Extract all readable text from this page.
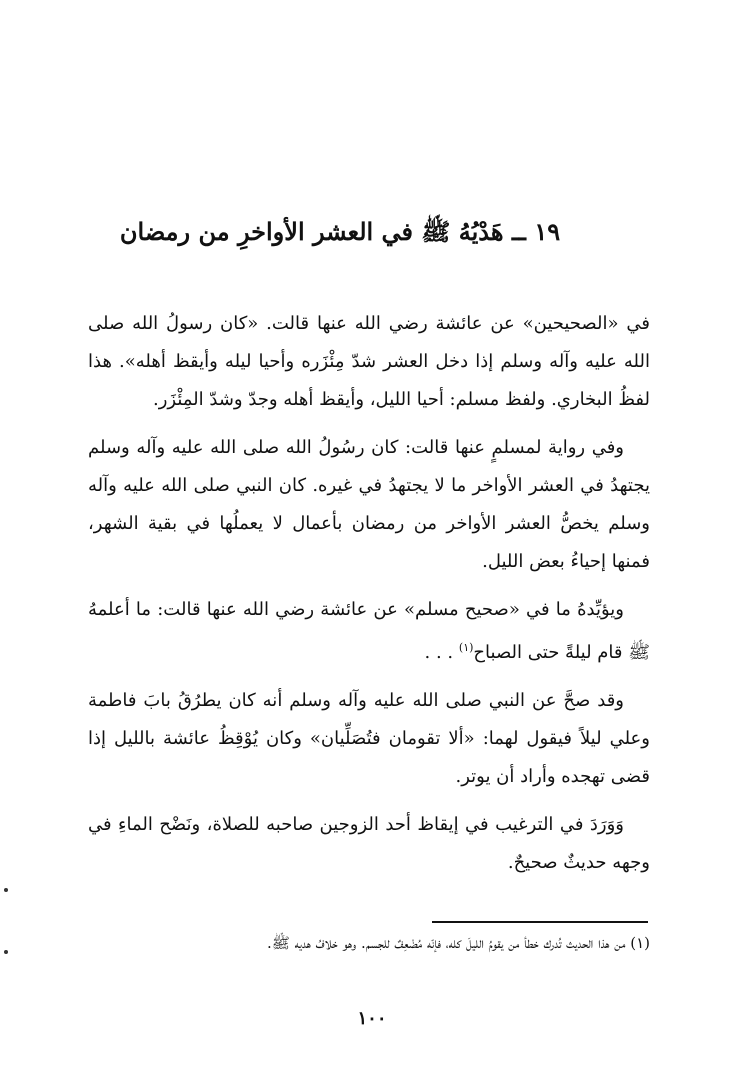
١٩ ــ هَدْيُهُ ﷺ في العشر الأواخرِ من رمضان

في «الصحيحين» عن عائشة رضي الله عنها قالت. «كان رسولُ الله صلى الله عليه وآله وسلم إذا دخل العشر شدّ مِئْزَره وأحيا ليله وأيقظ أهله». هذا لفظُ البخاري. ولفظ مسلم: أحيا الليل، وأيقظ أهله وجدّ وشدّ المِئْزَر.

وفي رواية لمسلمٍ عنها قالت: كان رسُولُ الله صلى الله عليه وآله وسلم يجتهدُ في العشر الأواخر ما لا يجتهدُ في غيره. كان النبي صلى الله عليه وآله وسلم يخصُّ العشر الأواخر من رمضان بأعمال لا يعملُها في بقية الشهر، فمنها إحياءُ بعض الليل.

ويؤيِّدهُ ما في «صحيح مسلم» عن عائشة رضي الله عنها قالت: ما أعلمهُ ﷺ قام ليلةً حتى الصباح$^{(١)}$ . . .

وقد صحَّ عن النبي صلى الله عليه وآله وسلم أنه كان يطرُقُ بابَ فاطمة وعلي ليلاً فيقول لهما: «ألا تقومان فتُصَلِّيان» وكان يُوْقِظُ عائشة بالليل إذا قضى تهجده وأراد أن يوتر.

وَوَرَدَ في الترغيب في إيقاظ أحد الزوجين صاحبه للصلاة، ونَضْح الماءِ في وجهه حديثٌ صحيحٌ.

(١) من هذا الحديث تُدرك خطأ من يقومُ الليلَ كله، فإنّه مُضْعِفٌ للجسم. وهو خلافُ هديه ﷺ.
١٠٠
